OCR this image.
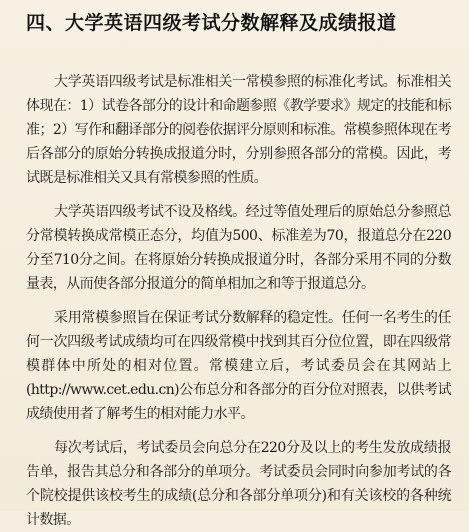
四、大学英语四级考试分数解释及成绩报道

大学英语四级考试是标准相关一常模参照的标准化考试。标准相关体现在：1）试卷各部分的设计和命题参照《教学要求》规定的技能和标准；2）写作和翻译部分的阅卷依据评分原则和标准。常模参照体现在考后各部分的原始分转换成报道分时，分别参照各部分的常模。因此，考试既是标准相关又具有常模参照的性质。

大学英语四级考试不设及格线。经过等值处理后的原始总分参照总分常模转换成常模正态分，均值为500、标准差为70，报道总分在220分至710分之间。在将原始分转换成报道分时，各部分采用不同的分数量表，从而使各部分报道分的简单相加之和等于报道总分。

采用常模参照旨在保证考试分数解释的稳定性。任何一名考生的任何一次四级考试成绩均可在四级常模中找到其百分位位置，即在四级常模群体中所处的相对位置。常模建立后，考试委员会在其网站上(http://www.cet.edu.cn)公布总分和各部分的百分位对照表，以供考试成绩使用者了解考生的相对能力水平。

每次考试后，考试委员会向总分在220分及以上的考生发放成绩报告单，报告其总分和各部分的单项分。考试委员会同时向参加考试的各个院校提供该校考生的成绩(总分和各部分单项分)和有关该校的各种统计数据。
